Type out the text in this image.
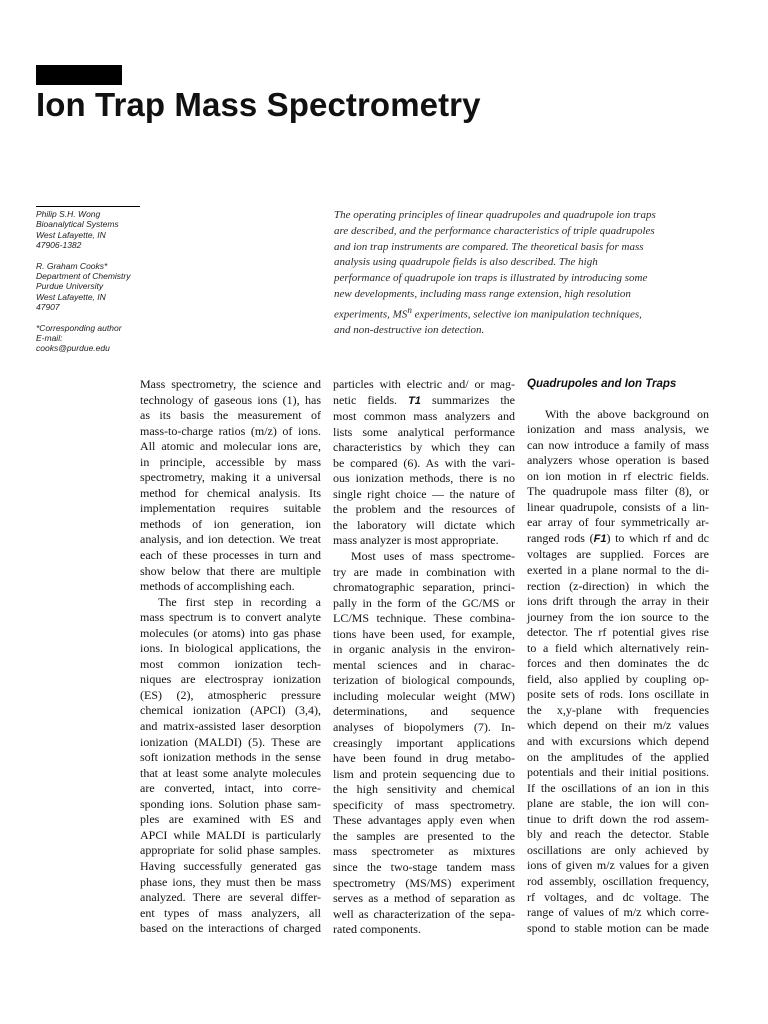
Ion Trap Mass Spectrometry
Philip S.H. Wong
Bioanalytical Systems
West Lafayette, IN
47906-1382
R. Graham Cooks*
Department of Chemistry
Purdue University
West Lafayette, IN
47907
*Corresponding author
E-mail:
cooks@purdue.edu
The operating principles of linear quadrupoles and quadrupole ion traps
are described, and the performance characteristics of triple quadrupoles
and ion trap instruments are compared. The theoretical basis for mass
analysis using quadrupole fields is also described. The high
performance of quadrupole ion traps is illustrated by introducing some
new developments, including mass range extension, high resolution
experiments, $MS^n$ experiments, selective ion manipulation techniques,
and non-destructive ion detection.
Mass spectrometry, the science and
technology of gaseous ions (1), has
as its basis the measurement of
mass-to-charge ratios (m/z) of ions.
All atomic and molecular ions are,
in principle, accessible by mass
spectrometry, making it a universal
method for chemical analysis. Its
implementation requires suitable
methods of ion generation, ion
analysis, and ion detection. We treat
each of these processes in turn and
show below that there are multiple
methods of accomplishing each.
The first step in recording a
mass spectrum is to convert analyte
molecules (or atoms) into gas phase
ions. In biological applications, the
most common ionization tech-
niques are electrospray ionization
(ES) (2), atmospheric pressure
chemical ionization (APCI) (3,4),
and matrix-assisted laser desorption
ionization (MALDI) (5). These are
soft ionization methods in the sense
that at least some analyte molecules
are converted, intact, into corre-
sponding ions. Solution phase sam-
ples are examined with ES and
APCI while MALDI is particularly
appropriate for solid phase samples.
Having successfully generated gas
phase ions, they must then be mass
analyzed. There are several differ-
ent types of mass analyzers, all
based on the interactions of charged
particles with electric and/ or mag-
netic fields. T1 summarizes the
most common mass analyzers and
lists some analytical performance
characteristics by which they can
be compared (6). As with the vari-
ous ionization methods, there is no
single right choice — the nature of
the problem and the resources of
the laboratory will dictate which
mass analyzer is most appropriate.
Most uses of mass spectrome-
try are made in combination with
chromatographic separation, princi-
pally in the form of the GC/MS or
LC/MS technique. These combina-
tions have been used, for example,
in organic analysis in the environ-
mental sciences and in charac-
terization of biological compounds,
including molecular weight (MW)
determinations, and sequence
analyses of biopolymers (7). In-
creasingly important applications
have been found in drug metabo-
lism and protein sequencing due to
the high sensitivity and chemical
specificity of mass spectrometry.
These advantages apply even when
the samples are presented to the
mass spectrometer as mixtures
since the two-stage tandem mass
spectrometry (MS/MS) experiment
serves as a method of separation as
well as characterization of the sepa-
rated components.
Quadrupoles and Ion Traps
With the above background on
ionization and mass analysis, we
can now introduce a family of mass
analyzers whose operation is based
on ion motion in rf electric fields.
The quadrupole mass filter (8), or
linear quadrupole, consists of a lin-
ear array of four symmetrically ar-
ranged rods (F1) to which rf and dc
voltages are supplied. Forces are
exerted in a plane normal to the di-
rection (z-direction) in which the
ions drift through the array in their
journey from the ion source to the
detector. The rf potential gives rise
to a field which alternatively rein-
forces and then dominates the dc
field, also applied by coupling op-
posite sets of rods. Ions oscillate in
the x,y-plane with frequencies
which depend on their m/z values
and with excursions which depend
on the amplitudes of the applied
potentials and their initial positions.
If the oscillations of an ion in this
plane are stable, the ion will con-
tinue to drift down the rod assem-
bly and reach the detector. Stable
oscillations are only achieved by
ions of given m/z values for a given
rod assembly, oscillation frequency,
rf voltages, and dc voltage. The
range of values of m/z which corre-
spond to stable motion can be made
